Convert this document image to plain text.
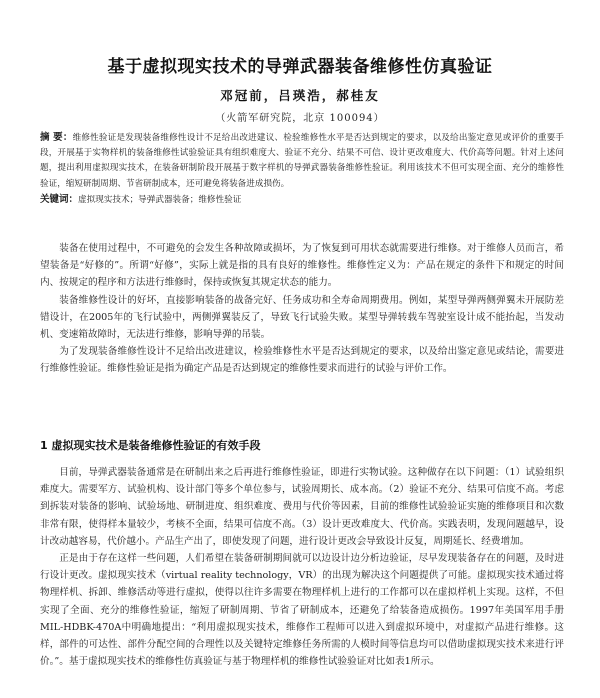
基于虚拟现实技术的导弹武器装备维修性仿真验证
邓冠前，吕瑛浩，郝桂友
（火箭军研究院，北京 100094）
摘 要：维修性验证是发现装备维修性设计不足给出改进建议、检验维修性水平是否达到规定的要求，以及给出鉴定意见或评价的重要手段，开展基于实物样机的装备维修性试验验证具有组织难度大、验证不充分、结果不可信、设计更改难度大、代价高等问题。针对上述问题，提出利用虚拟现实技术，在装备研制阶段开展基于数字样机的导弹武器装备维修性验证。利用该技术不但可实现全面、充分的维修性验证，缩短研制周期、节省研制成本，还可避免将装备进成损伤。
关键词：虚拟现实技术；导弹武器装备；维修性验证

装备在使用过程中，不可避免的会发生各种故障或损坏，为了恢复到可用状态就需要进行维修。对于维修人员而言，希望装备是“好修的”。所谓“好修”，实际上就是指的具有良好的维修性。维修性定义为：产品在规定的条件下和规定的时间内、按规定的程序和方法进行维修时，保持或恢复其规定状态的能力。

装备维修性设计的好坏，直接影响装备的战备完好、任务成功和全寿命周期费用。例如，某型导弹两侧弹翼未开展防差错设计，在2005年的飞行试验中，两侧弹翼装反了，导致飞行试验失败。某型导弹转载车驾驶室设计成不能抬起，当发动机、变速箱故障时，无法进行维修，影响导弹的吊装。

为了发现装备维修性设计不足给出改进建议，检验维修性水平是否达到规定的要求，以及给出鉴定意见或结论，需要进行维修性验证。维修性验证是指为确定产品是否达到规定的维修性要求而进行的试验与评价工作。

1 虚拟现实技术是装备维修性验证的有效手段

目前，导弹武器装备通常是在研制出来之后再进行维修性验证，即进行实物试验。这种做存在以下问题：（1）试验组织难度大。需要军方、试验机构、设计部门等多个单位参与，试验周期长、成本高。（2）验证不充分、结果可信度不高。考虑到拆装对装备的影响、试验场地、研制进度、组织难度、费用与代价等因素，目前的维修性试验验证实施的维修项目和次数非常有限，使得样本量较少，考核不全面，结果可信度不高。（3）设计更改难度大、代价高。实践表明，发现问题越早，设计改动越容易，代价越小。产品生产出了，即使发现了问题，进行设计更改会导致设计反复，周期延长、经费增加。

正是由于存在这样一些问题，人们希望在装备研制期间就可以边设计边分析边验证，尽早发现装备存在的问题，及时进行设计更改。虚拟现实技术（virtual reality technology，VR）的出现为解决这个问题提供了可能。虚拟现实技术通过将物理样机、拆卸、维修活动等进行虚拟，使得以往许多需要在物理样机上进行的工作都可以在虚拟样机上实现。这样，不但实现了全面、充分的维修性验证，缩短了研制周期、节省了研制成本，还避免了给装备造成损伤。1997年美国军用手册MIL-HDBK-470A中明确地提出：“利用虚拟现实技术，维修作工程师可以进入到虚拟环境中，对虚拟产品进行维修。这样，部件的可达性、部件分配空间的合理性以及关键特定维修任务所需的人模时间等信息均可以借助虚拟现实技术来进行评价。”。基于虚拟现实技术的维修性仿真验证与基于物理样机的维修性试验验证对比如表1所示。
